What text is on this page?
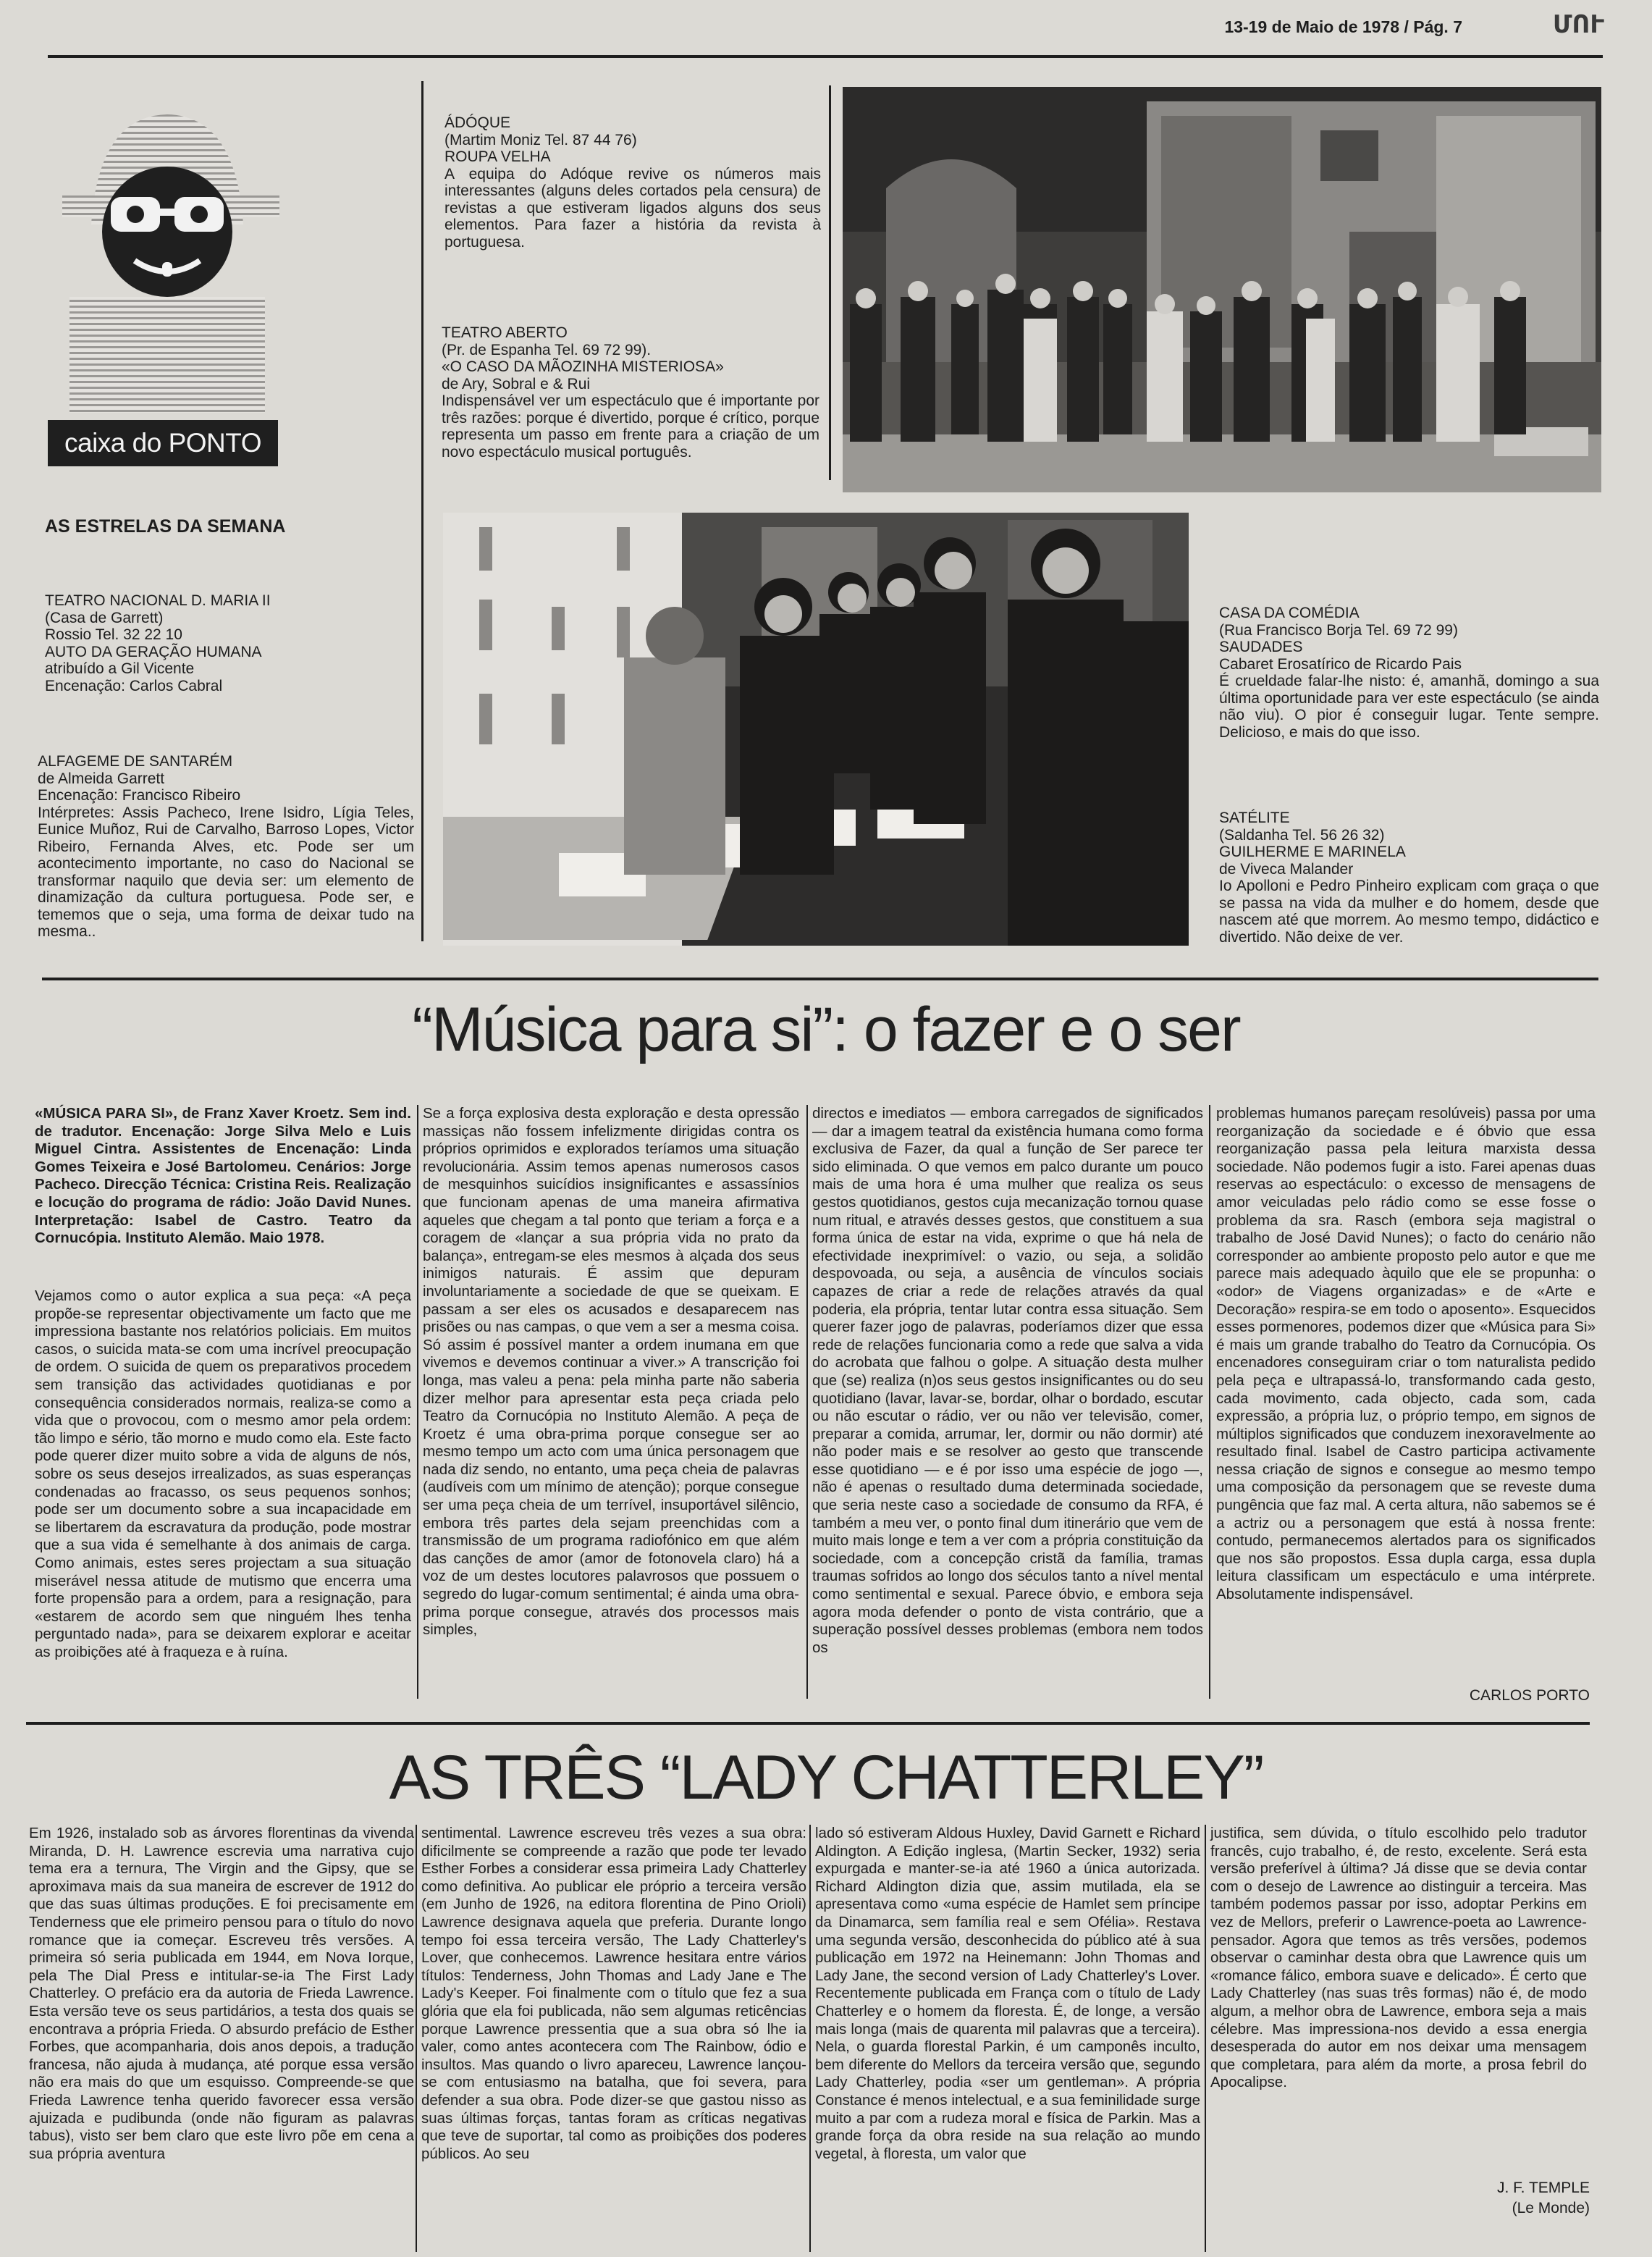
13-19 de Maio de 1978 / Pág. 7	ՄՈՒ
caixa do PONTO
AS ESTRELAS DA SEMANA
TEATRO NACIONAL D. MARIA II
(Casa de Garrett)
Rossio Tel. 32 22 10
AUTO DA GERAÇÃO HUMANA
atribuído a Gil Vicente
Encenação: Carlos Cabral
ALFAGEME DE SANTARÉM
de Almeida Garrett
Encenação: Francisco Ribeiro
Intérpretes: Assis Pacheco, Irene Isidro, Lígia Teles, Eunice Muñoz, Rui de Carvalho, Barroso Lopes, Victor Ribeiro, Fernanda Alves, etc. Pode ser um acontecimento importante, no caso do Nacional se transformar naquilo que devia ser: um elemento de dinamização da cultura portuguesa. Pode ser, e tememos que o seja, uma forma de deixar tudo na mesma..
ÁDÓQUE
(Martim Moniz Tel. 87 44 76)
ROUPA VELHA
A equipa do Adóque revive os números mais interessantes (alguns deles cortados pela censura) de revistas a que estiveram ligados alguns dos seus elementos. Para fazer a história da revista à portuguesa.
TEATRO ABERTO
(Pr. de Espanha Tel. 69 72 99).
«O CASO DA MÃOZINHA MISTERIOSA»
de Ary, Sobral e & Rui
Indispensável ver um espectáculo que é importante por três razões: porque é divertido, porque é crítico, porque representa um passo em frente para a criação de um novo espectáculo musical português.
CASA DA COMÉDIA
(Rua Francisco Borja Tel. 69 72 99)
SAUDADES
Cabaret Erosatírico de Ricardo Pais
É crueldade falar-lhe nisto: é, amanhã, domingo a sua última oportunidade para ver este espectáculo (se ainda não viu). O pior é conseguir lugar. Tente sempre. Delicioso, e mais do que isso.
SATÉLITE
(Saldanha Tel. 56 26 32)
GUILHERME E MARINELA
de Viveca Malander
Io Apolloni e Pedro Pinheiro explicam com graça o que se passa na vida da mulher e do homem, desde que nascem até que morrem. Ao mesmo tempo, didáctico e divertido. Não deixe de ver.
“Música para si”: o fazer e o ser

«MÚSICA PARA SI», de Franz Xaver Kroetz. Sem ind. de tradutor. Encenação: Jorge Silva Melo e Luis Miguel Cintra. Assistentes de Encenação: Linda Gomes Teixeira e José Bartolomeu. Cenários: Jorge Pacheco. Direcção Técnica: Cristina Reis. Realização e locução do programa de rádio: João David Nunes. Interpretação: Isabel de Castro. Teatro da Cornucópia. Instituto Alemão. Maio 1978.

Vejamos como o autor explica a sua peça: «A peça propõe-se representar objectivamente um facto que me impressiona bastante nos relatórios policiais. Em muitos casos, o suicida mata-se com uma incrível preocupação de ordem. O suicida de quem os preparativos procedem sem transição das actividades quotidianas e por consequência considerados normais, realiza-se como a vida que o provocou, com o mesmo amor pela ordem: tão limpo e sério, tão morno e mudo como ela. Este facto pode querer dizer muito sobre a vida de alguns de nós, sobre os seus desejos irrealizados, as suas esperanças condenadas ao fracasso, os seus pequenos sonhos; pode ser um documento sobre a sua incapacidade em se libertarem da escravatura da produção, pode mostrar que a sua vida é semelhante à dos animais de carga. Como animais, estes seres projectam a sua situação miserável nessa atitude de mutismo que encerra uma forte propensão para a ordem, para a resignação, para «estarem de acordo sem que ninguém lhes tenha perguntado nada», para se deixarem explorar e aceitar as proibições até à fraqueza e à ruína.

Se a força explosiva desta exploração e desta opressão massiças não fossem infelizmente dirigidas contra os próprios oprimidos e explorados teríamos uma situação revolucionária. Assim temos apenas numerosos casos de mesquinhos suicídios insignificantes e assassínios que funcionam apenas de uma maneira afirmativa aqueles que chegam a tal ponto que teriam a força e a coragem de «lançar a sua própria vida no prato da balança», entregam-se eles mesmos à alçada dos seus inimigos naturais. É assim que depuram involuntariamente a sociedade de que se queixam. E passam a ser eles os acusados e desaparecem nas prisões ou nas campas, o que vem a ser a mesma coisa. Só assim é possível manter a ordem inumana em que vivemos e devemos continuar a viver.» A transcrição foi longa, mas valeu a pena: pela minha parte não saberia dizer melhor para apresentar esta peça criada pelo Teatro da Cornucópia no Instituto Alemão. A peça de Kroetz é uma obra-prima porque consegue ser ao mesmo tempo um acto com uma única personagem que nada diz sendo, no entanto, uma peça cheia de palavras (audíveis com um mínimo de atenção); porque consegue ser uma peça cheia de um terrível, insuportável silêncio, embora três partes dela sejam preenchidas com a transmissão de um programa radiofónico em que além das canções de amor (amor de fotonovela claro) há a voz de um destes locutores palavrosos que possuem o segredo do lugar-comum sentimental; é ainda uma obra-prima porque consegue, através dos processos mais simples,

directos e imediatos — embora carregados de significados — dar a imagem teatral da existência humana como forma exclusiva de Fazer, da qual a função de Ser parece ter sido eliminada. O que vemos em palco durante um pouco mais de uma hora é uma mulher que realiza os seus gestos quotidianos, gestos cuja mecanização tornou quase num ritual, e através desses gestos, que constituem a sua forma única de estar na vida, exprime o que há nela de efectividade inexprimível: o vazio, ou seja, a solidão despovoada, ou seja, a ausência de vínculos sociais capazes de criar a rede de relações através da qual poderia, ela própria, tentar lutar contra essa situação. Sem querer fazer jogo de palavras, poderíamos dizer que essa rede de relações funcionaria como a rede que salva a vida do acrobata que falhou o golpe. A situação desta mulher que (se) realiza (n)os seus gestos insignificantes ou do seu quotidiano (lavar, lavar-se, bordar, olhar o bordado, escutar ou não escutar o rádio, ver ou não ver televisão, comer, preparar a comida, arrumar, ler, dormir ou não dormir) até não poder mais e se resolver ao gesto que transcende esse quotidiano — e é por isso uma espécie de jogo —, não é apenas o resultado duma determinada sociedade, que seria neste caso a sociedade de consumo da RFA, é também a meu ver, o ponto final dum itinerário que vem de muito mais longe e tem a ver com a própria constituição da sociedade, com a concepção cristã da família, tramas traumas sofridos ao longo dos séculos tanto a nível mental como sentimental e sexual. Parece óbvio, e embora seja agora moda defender o ponto de vista contrário, que a superação possível desses problemas (embora nem todos os

problemas humanos pareçam resolúveis) passa por uma reorganização da sociedade e é óbvio que essa reorganização passa pela leitura marxista dessa sociedade. Não podemos fugir a isto. Farei apenas duas reservas ao espectáculo: o excesso de mensagens de amor veiculadas pelo rádio como se esse fosse o problema da sra. Rasch (embora seja magistral o trabalho de José David Nunes); o facto do cenário não corresponder ao ambiente proposto pelo autor e que me parece mais adequado àquilo que ele se propunha: o «odor» de Viagens organizadas» e de «Arte e Decoração» respira-se em todo o aposento». Esquecidos esses pormenores, podemos dizer que «Música para Si» é mais um grande trabalho do Teatro da Cornucópia. Os encenadores conseguiram criar o tom naturalista pedido pela peça e ultrapassá-lo, transformando cada gesto, cada movimento, cada objecto, cada som, cada expressão, a própria luz, o próprio tempo, em signos de múltiplos significados que conduzem inexoravelmente ao resultado final. Isabel de Castro participa activamente nessa criação de signos e consegue ao mesmo tempo uma composição da personagem que se reveste duma pungência que faz mal. A certa altura, não sabemos se é a actriz ou a personagem que está à nossa frente: contudo, permanecemos alertados para os significados que nos são propostos. Essa dupla carga, essa dupla leitura classificam um espectáculo e uma intérprete. Absolutamente indispensável.

CARLOS PORTO
AS TRÊS “LADY CHATTERLEY”

Em 1926, instalado sob as árvores florentinas da vivenda Miranda, D. H. Lawrence escrevia uma narrativa cujo tema era a ternura, The Virgin and the Gipsy, que se aproximava mais da sua maneira de escrever de 1912 do que das suas últimas produções. E foi precisamente em Tenderness que ele primeiro pensou para o título do novo romance que ia começar. Escreveu três versões. A primeira só seria publicada em 1944, em Nova Iorque, pela The Dial Press e intitular-se-ia The First Lady Chatterley. O prefácio era da autoria de Frieda Lawrence. Esta versão teve os seus partidários, a testa dos quais se encontrava a própria Frieda. O absurdo prefácio de Esther Forbes, que acompanharia, dois anos depois, a tradução francesa, não ajuda à mudança, até porque essa versão não era mais do que um esquisso. Compreende-se que Frieda Lawrence tenha querido favorecer essa versão ajuizada e pudibunda (onde não figuram as palavras tabus), visto ser bem claro que este livro põe em cena a sua própria aventura

sentimental. Lawrence escreveu três vezes a sua obra: dificilmente se compreende a razão que pode ter levado Esther Forbes a considerar essa primeira Lady Chatterley como definitiva. Ao publicar ele próprio a terceira versão (em Junho de 1926, na editora florentina de Pino Orioli) Lawrence designava aquela que preferia. Durante longo tempo foi essa terceira versão, The Lady Chatterley's Lover, que conhecemos. Lawrence hesitara entre vários títulos: Tenderness, John Thomas and Lady Jane e The Lady's Keeper. Foi finalmente com o título que fez a sua glória que ela foi publicada, não sem algumas reticências porque Lawrence pressentia que a sua obra só lhe ia valer, como antes acontecera com The Rainbow, ódio e insultos. Mas quando o livro apareceu, Lawrence lançou-se com entusiasmo na batalha, que foi severa, para defender a sua obra. Pode dizer-se que gastou nisso as suas últimas forças, tantas foram as críticas negativas que teve de suportar, tal como as proibições dos poderes públicos. Ao seu

lado só estiveram Aldous Huxley, David Garnett e Richard Aldington. A Edição inglesa, (Martin Secker, 1932) seria expurgada e manter-se-ia até 1960 a única autorizada. Richard Aldington dizia que, assim mutilada, ela se apresentava como «uma espécie de Hamlet sem príncipe da Dinamarca, sem família real e sem Ofélia». Restava uma segunda versão, desconhecida do público até à sua publicação em 1972 na Heinemann: John Thomas and Lady Jane, the second version of Lady Chatterley's Lover. Recentemente publicada em França com o título de Lady Chatterley e o homem da floresta. É, de longe, a versão mais longa (mais de quarenta mil palavras que a terceira). Nela, o guarda florestal Parkin, é um camponês inculto, bem diferente do Mellors da terceira versão que, segundo Lady Chatterley, podia «ser um gentleman». A própria Constance é menos intelectual, e a sua feminilidade surge muito a par com a rudeza moral e física de Parkin. Mas a grande força da obra reside na sua relação ao mundo vegetal, à floresta, um valor que

justifica, sem dúvida, o título escolhido pelo tradutor francês, cujo trabalho, é, de resto, excelente. Será esta versão preferível à última? Já disse que se devia contar com o desejo de Lawrence ao distinguir a terceira. Mas também podemos passar por isso, adoptar Perkins em vez de Mellors, preferir o Lawrence-poeta ao Lawrence-pensador. Agora que temos as três versões, podemos observar o caminhar desta obra que Lawrence quis um «romance fálico, embora suave e delicado». É certo que Lady Chatterley (nas suas três formas) não é, de modo algum, a melhor obra de Lawrence, embora seja a mais célebre. Mas impressiona-nos devido a essa energia desesperada do autor em nos deixar uma mensagem que completara, para além da morte, a prosa febril do Apocalipse.

J. F. TEMPLE
(Le Monde)
